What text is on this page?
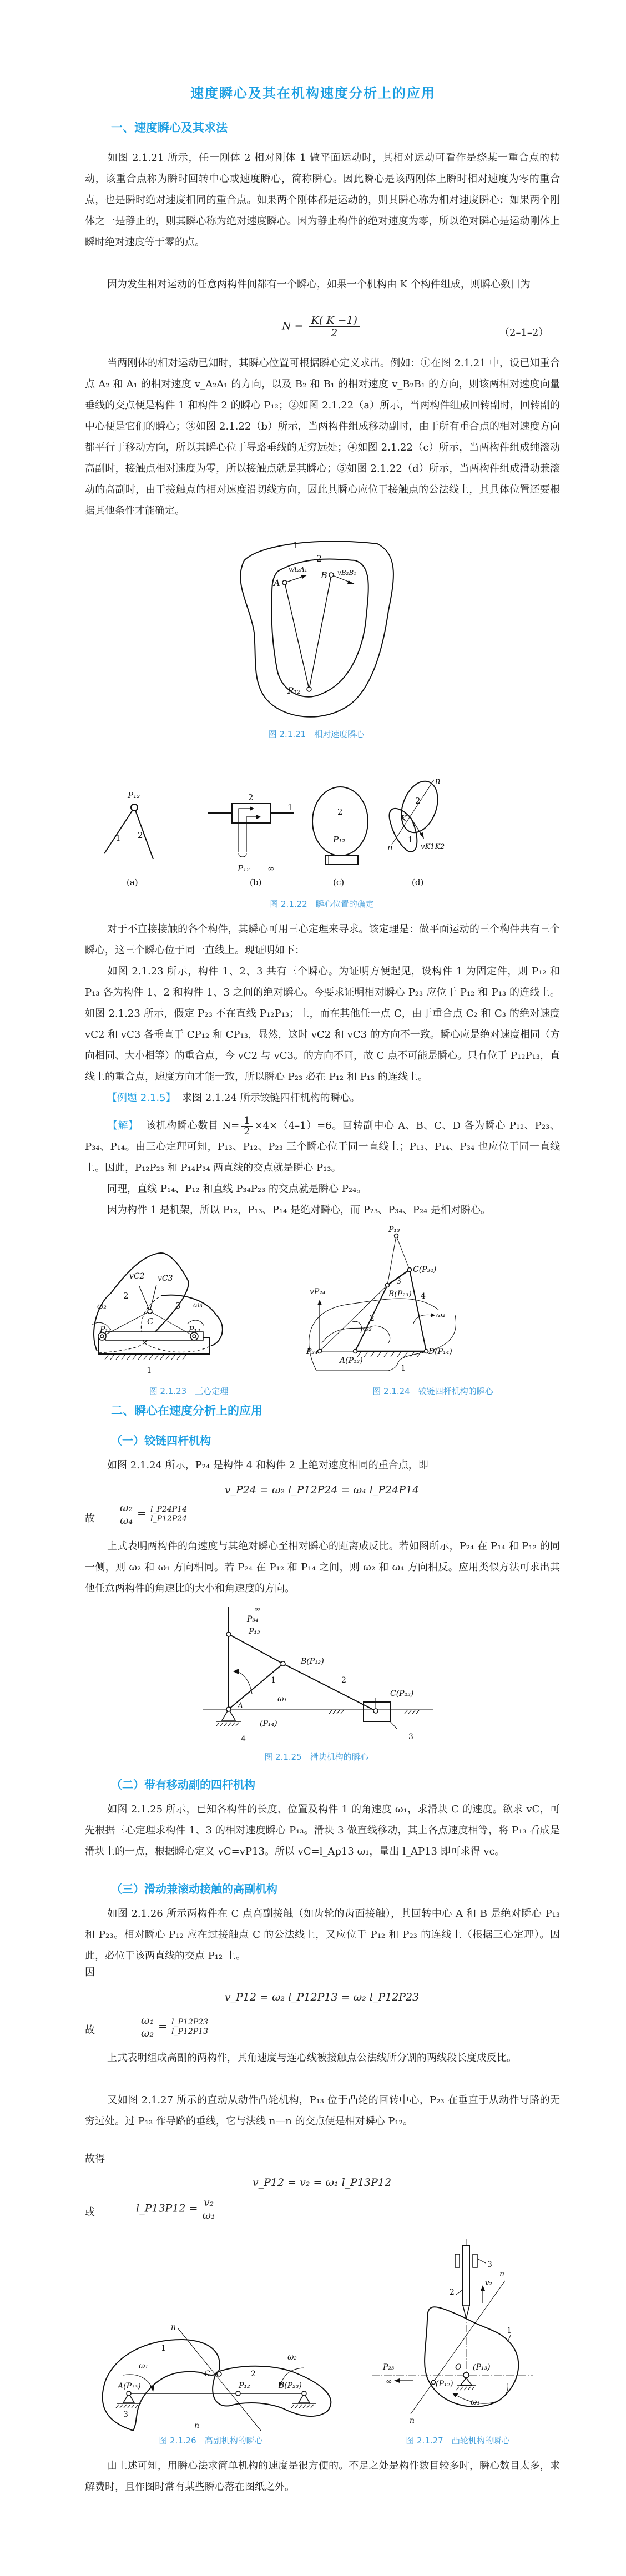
速度瞬心及其在机构速度分析上的应用
一、速度瞬心及其求法
如图 2.1.21 所示，任一刚体 2 相对刚体 1 做平面运动时，其相对运动可看作是绕某一重合点的转动，该重合点称为瞬时回转中心或速度瞬心，简称瞬心。因此瞬心是该两刚体上瞬时相对速度为零的重合点，也是瞬时绝对速度相同的重合点。如果两个刚体都是运动的，则其瞬心称为相对速度瞬心；如果两个刚体之一是静止的，则其瞬心称为绝对速度瞬心。因为静止构件的绝对速度为零，所以绝对瞬心是运动刚体上瞬时绝对速度等于零的点。
因为发生相对运动的任意两构件间都有一个瞬心，如果一个机构由 K 个构件组成，则瞬心数目为
$N = \frac{K( K -1)}{2}$	（2–1–2）
当两刚体的相对运动已知时，其瞬心位置可根据瞬心定义求出。例如：①在图 2.1.21 中，设已知重合点 A₂ 和 A₁ 的相对速度 v_A₂A₁ 的方向，以及 B₂ 和 B₁ 的相对速度 v_B₂B₁ 的方向，则该两相对速度向量垂线的交点便是构件 1 和构件 2 的瞬心 P₁₂；②如图 2.1.22（a）所示，当两构件组成回转副时，回转副的中心便是它们的瞬心；③如图 2.1.22（b）所示，当两构件组成移动副时，由于所有重合点的相对速度方向都平行于移动方向，所以其瞬心位于导路垂线的无穷远处；④如图 2.1.22（c）所示，当两构件组成纯滚动高副时，接触点相对速度为零，所以接触点就是其瞬心；⑤如图 2.1.22（d）所示，当两构件组成滑动兼滚动的高副时，由于接触点的相对速度沿切线方向，因此其瞬心应位于接触点的公法线上，其具体位置还要根据其他条件才能确定。
1
2
A
B
vA₂A₁	vB₂B₁
P₁₂
图 2.1.21　相对速度瞬心
P₁₂
1 2
(a)
2
1
P₁₂ ∞
(b)
2
P₁₂
(c)
n
n
2
K
1
vK1K2
(d)
图 2.1.22　瞬心位置的确定
对于不直接接触的各个构件，其瞬心可用三心定理来寻求。该定理是：做平面运动的三个构件共有三个瞬心，这三个瞬心位于同一直线上。现证明如下：
如图 2.1.23 所示，构件 1、2、3 共有三个瞬心。为证明方便起见，设构件 1 为固定件，则 P₁₂ 和 P₁₃ 各为构件 1、2 和构件 1、3 之间的绝对瞬心。今要求证明相对瞬心 P₂₃ 应位于 P₁₂ 和 P₁₃ 的连线上。如图 2.1.23 所示，假定 P₂₃ 不在直线 P₁₂P₁₃；上，而在其他任一点 C，由于重合点 C₂ 和 C₃ 的绝对速度 vC2 和 vC3 各垂直于 CP₁₂ 和 CP₁₃，显然，这时 vC2 和 vC3 的方向不一致。瞬心应是绝对速度相同（方向相同、大小相等）的重合点，今 vC2 与 vC3。的方向不同，故 C 点不可能是瞬心。只有位于 P₁₂P₁₃，直线上的重合点，速度方向才能一致，所以瞬心 P₂₃ 必在 P₁₂ 和 P₁₃ 的连线上。
【例题 2.1.5】 求图 2.1.24 所示铰链四杆机构的瞬心。
【解】 该机构瞬心数目 $N= \frac{1}{2} \times 4\times(4-1)=6$。回转副中心 A、B、C、D 各为瞬心 P₁₂、P₂₃、P₃₄、P₁₄。由三心定理可知，P₁₃、P₁₂、P₂₃ 三个瞬心位于同一直线上；P₁₃、P₁₄、P₃₄ 也应位于同一直线上。因此，P₁₂P₂₃ 和 P₁₄P₃₄ 两直线的交点就是瞬心 P₁₃。
同理，直线 P₁₄、P₁₂ 和直线 P₃₄P₂₃ 的交点就是瞬心 P₂₄。
因为构件 1 是机架，所以 P₁₂，P₁₃、P₁₄ 是绝对瞬心，而 P₂₃、P₃₄、P₂₄ 是相对瞬心。
vC2 vC3
2
3
ω₂	ω₃
C
P₁₂	P₁₃
1
图 2.1.23　三心定理
P₁₃
C(P₃₄)
B(P₂₃)
3
4
2
1
vP₂₄
ω₄
ω₂
P₂₄
A(P₁₂)
D(P₁₄)
图 2.1.24　铰链四杆机构的瞬心
二、瞬心在速度分析上的应用
（一）铰链四杆机构
如图 2.1.24 所示，P₂₄ 是构件 4 和构件 2 上绝对速度相同的重合点，即
v_P24 = ω₂ l_P12P24 = ω₄ l_P24P14
故 $\frac{\text{ω₂}}{\text{ω₄}} = \frac{l\_P24P14}{l\_P12P24}$
上式表明两构件的角速度与其绝对瞬心至相对瞬心的距离成反比。若如图所示，P₂₄ 在 P₁₄ 和 P₁₂ 的同一侧，则 ω₂ 和 ω₁ 方向相同。若 P₂₄ 在 P₁₂ 和 P₁₄ 之间，则 ω₂ 和 ω₄ 方向相反。应用类似方法可求出其他任意两构件的角速比的大小和角速度的方向。
∞
P₃₄
P₁₃
B(P₁₂)
1	2
C(P₂₃)
ω₁
A
(P₁₄)
4	3
图 2.1.25　滑块机构的瞬心
（二）带有移动副的四杆机构
如图 2.1.25 所示，已知各构件的长度、位置及构件 1 的角速度 ω₁，求滑块 C 的速度。欲求 vC，可先根据三心定理求构件 1、3 的相对速度瞬心 P₁₃。滑块 3 做直线移动，其上各点速度相等，将 P₁₃ 看成是滑块上的一点，根据瞬心定义 vC=vP13。所以 vC=l_Ap13 ω₁，量出 l_AP13 即可求得 vc。
（三）滑动兼滚动接触的高副机构
如图 2.1.26 所示两构件在 C 点高副接触（如齿轮的齿面接触），其回转中心 A 和 B 是绝对瞬心 P₁₃ 和 P₂₃。相对瞬心 P₁₂ 应在过接触点 C 的公法线上，又应位于 P₁₂ 和 P₂₃ 的连线上（根据三心定理）。因此，必位于该两直线的交点 P₁₂ 上。
因
v_P12 = ω₂ l_P12P13 = ω₂ l_P12P23
故	$\frac{\text{ω₁}}{\text{ω₂}} = \frac{l\_P12P23}{l\_P12P13}$
上式表明组成高副的两构件，其角速度与连心线被接触点公法线所分割的两线段长度成反比。
又如图 2.1.27 所示的直动从动件凸轮机构，P₁₃ 位于凸轮的回转中心，P₂₃ 在垂直于从动件导路的无穷远处。过 P₁₃ 作导路的垂线，它与法线 n—n 的交点便是相对瞬心 P₁₂。
故得
v_P12 = v₂ = ω₁ l_P13P12
或	l_P13P12 = $\frac{\text{v₂}}{\text{ω₁}}$
n
1
ω₁
A(P₁₃)
C	2
ω₂
P₁₂	B(P₂₃)
3
n
图 2.1.26　高副机构的瞬心
3
n
v₂
2
1
P₂₃
∞
O (P₁₃)
(P₁₂)
ω₁
n
图 2.1.27　凸轮机构的瞬心
由上述可知，用瞬心法求简单机构的速度是很方便的。不足之处是构件数目较多时，瞬心数目太多，求解费时，且作图时常有某些瞬心落在图纸之外。
